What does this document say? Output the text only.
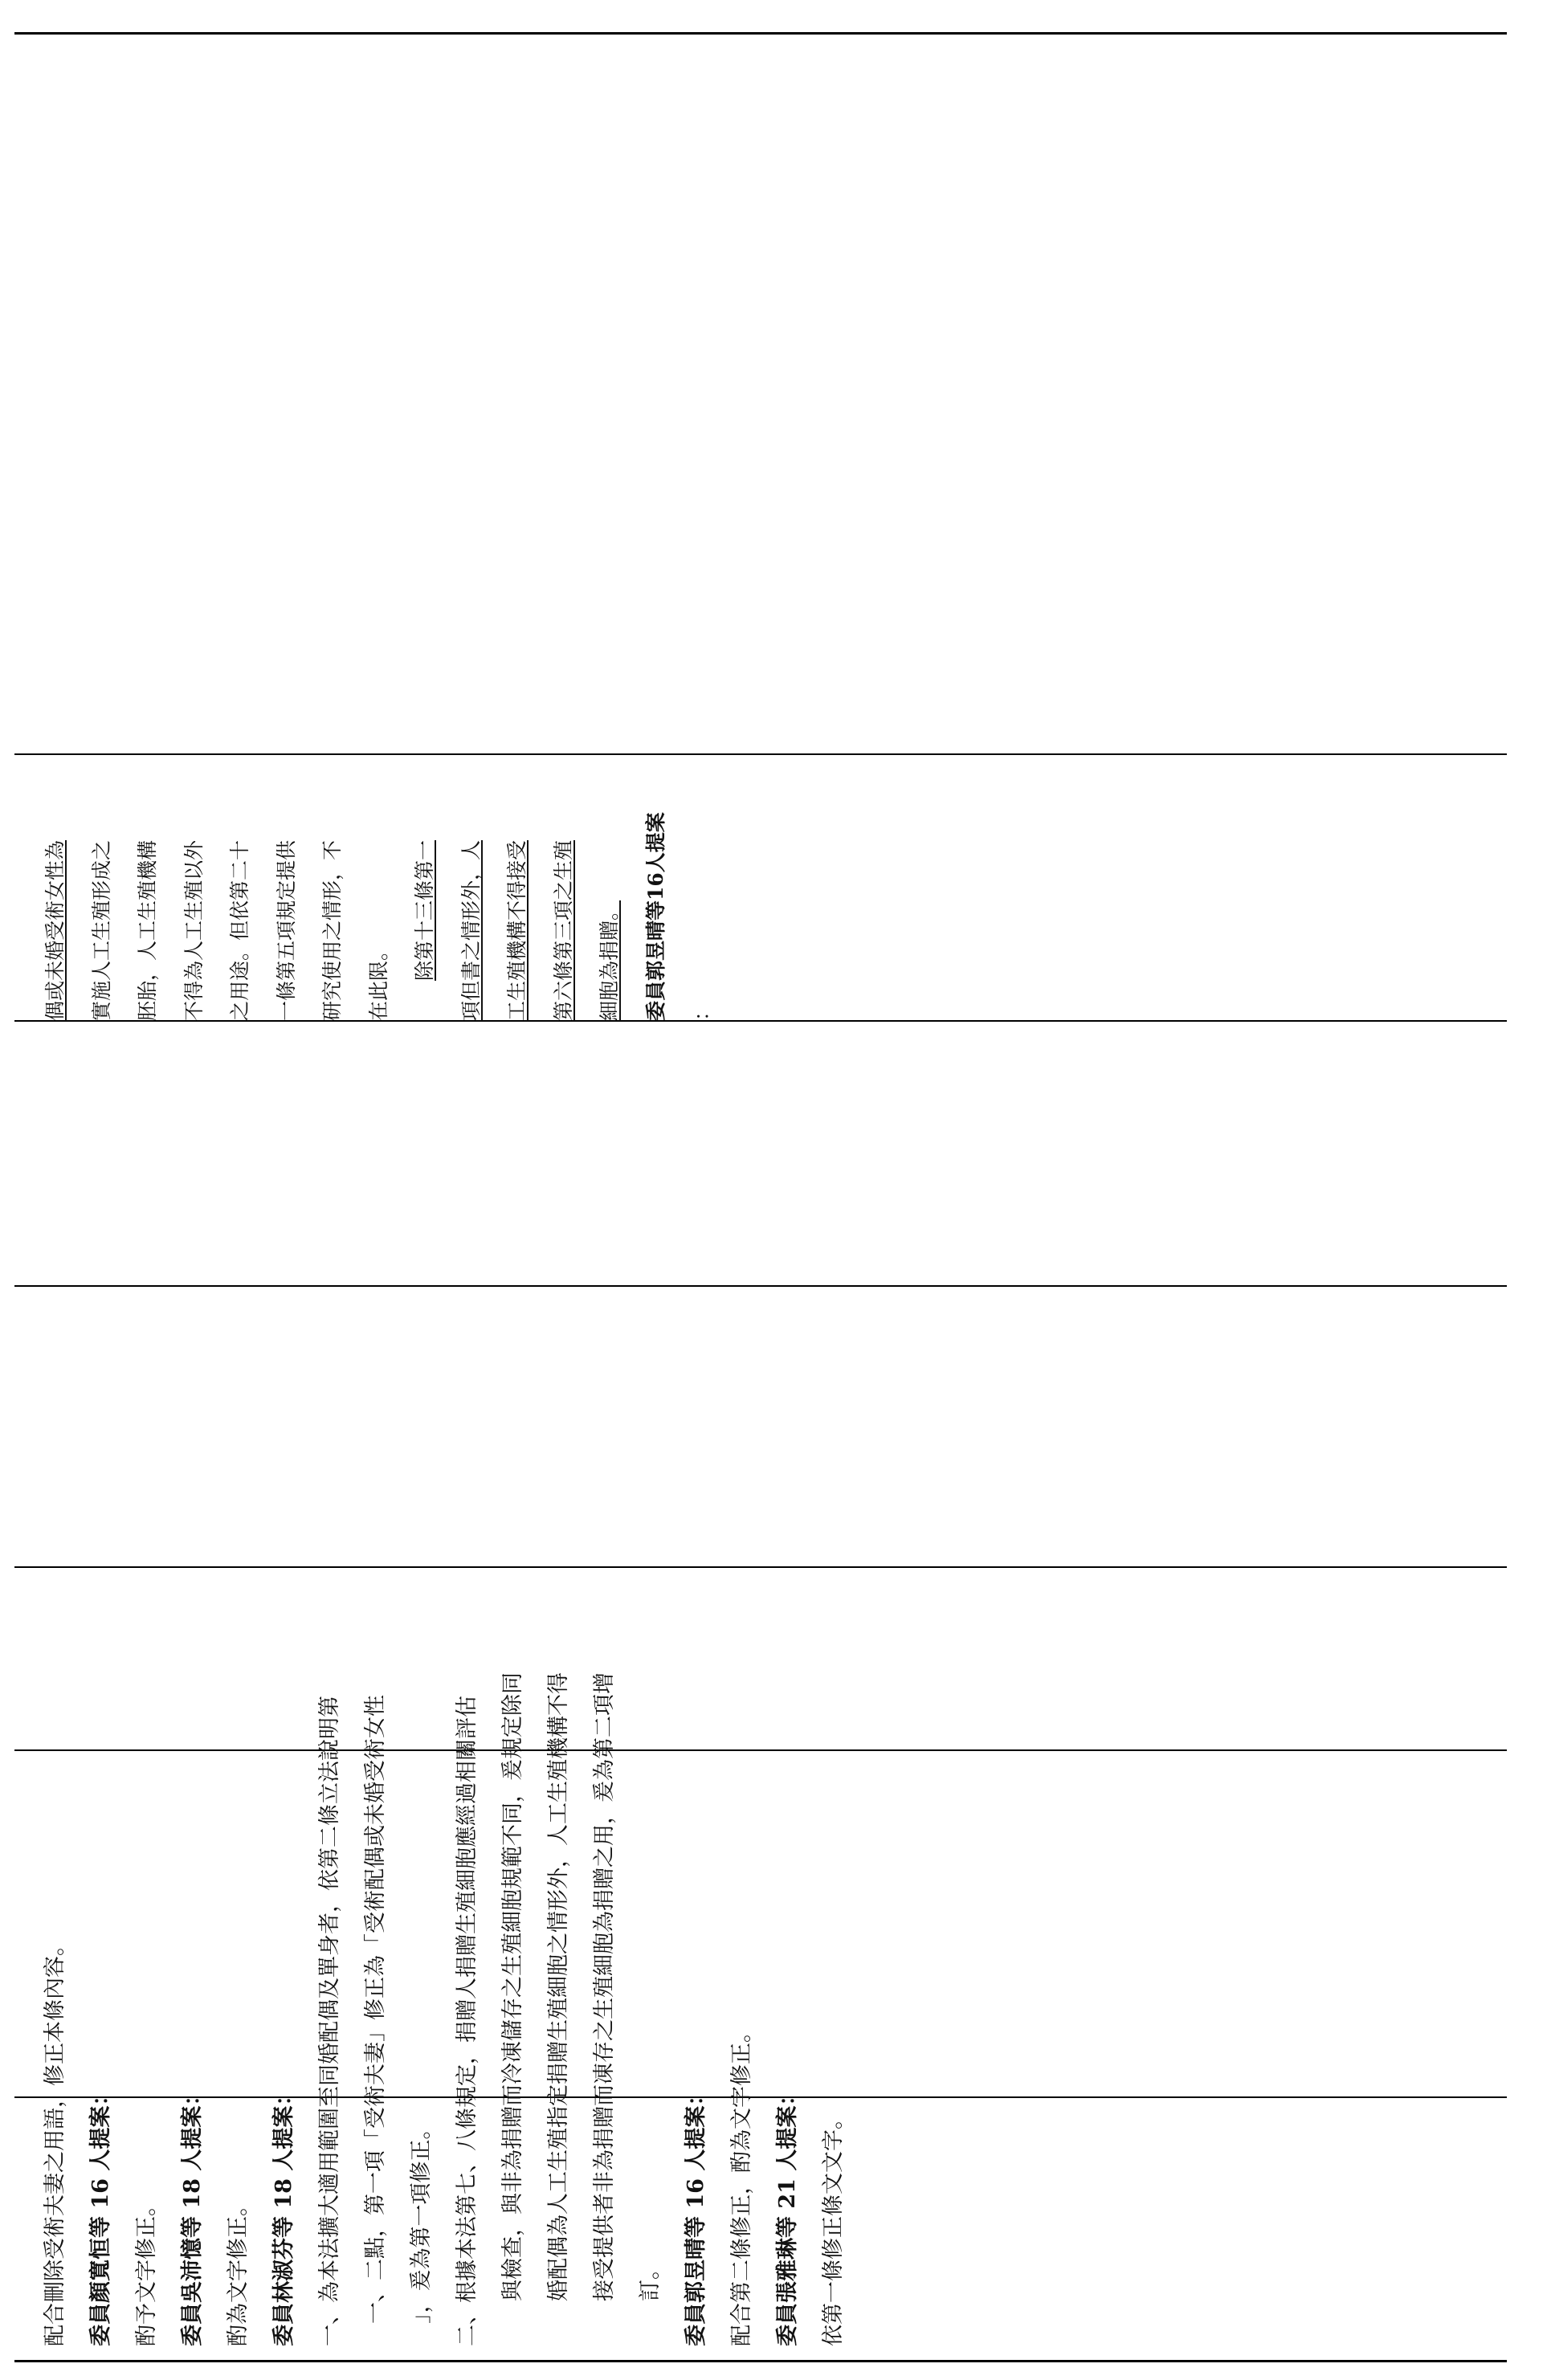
配合刪除受術夫妻之用語，修正本條內容。 委員顏寬恒等 16 人提案： 酌予文字修正。 委員吳沛憶等 18 人提案： 酌為文字修正。 委員林淑芬等 18 人提案： 一、為本法擴大適用範圍至同婚配偶及單身者，依第二條立法說明第 一、二點，第一項「受術夫妻」修正為「受術配偶或未婚受術女性 」，爰為第一項修正。 二、根據本法第七、八條規定，捐贈人捐贈生殖細胞應經過相關評估 與檢查，與非為捐贈而冷凍儲存之生殖細胞規範不同，爰規定除同 婚配偶為人工生殖指定捐贈生殖細胞之情形外，人工生殖機構不得 接受提供者非為捐贈而凍存之生殖細胞為捐贈之用，爰為第二項增 訂。 委員郭昱晴等 16 人提案： 配合第二條修正，酌為文字修正。 委員張雅琳等 21 人提案： 依第一條修正條文文字。
偶或未婚受術女性為	實施人工生殖形成之	胚胎，人工生殖機構	不得為人工生殖以外	之用途。但依第二十	一條第五項規定提供	研究使用之情形，不	在此限。	除第十三條第一	項但書之情形外，人	工生殖機構不得接受	第六條第三項之生殖	細胞為捐贈。	委員郭昱晴等16人提案	：
